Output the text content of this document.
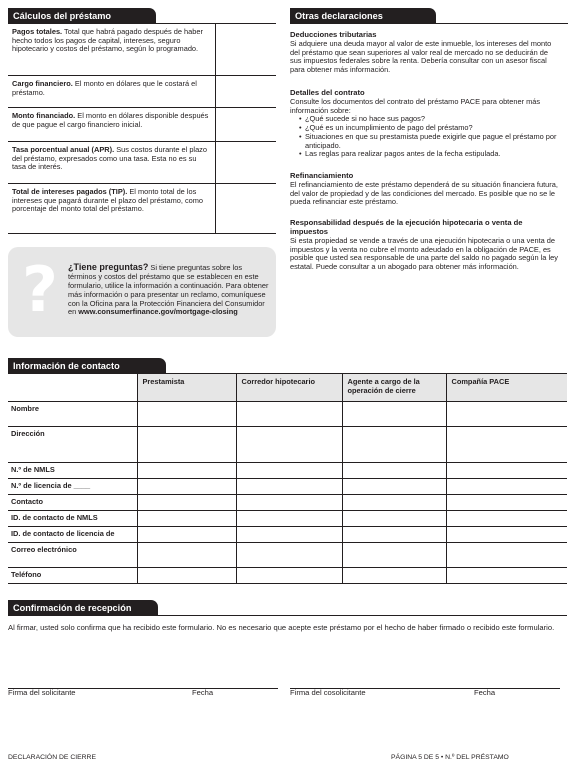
Cálculos del préstamo
Pagos totales. Total que habrá pagado después de haber hecho todos los pagos de capital, intereses, seguro hipotecario y costos del préstamo, según lo programado.
Cargo financiero. El monto en dólares que le costará el préstamo.
Monto financiado. El monto en dólares disponible después de que pague el cargo financiero inicial.
Tasa porcentual anual (APR). Sus costos durante el plazo del préstamo, expresados como una tasa. Esta no es su tasa de interés.
Total de intereses pagados (TIP). El monto total de los intereses que pagará durante el plazo del préstamo, como porcentaje del monto total del préstamo.
? ¿Tiene preguntas? Si tiene preguntas sobre los términos y costos del préstamo que se establecen en este formulario, utilice la información a continuación. Para obtener más información o para presentar un reclamo, comuníquese con la Oficina para la Protección Financiera del Consumidor en www.consumerfinance.gov/mortgage-closing
Otras declaraciones
Deducciones tributarias

Si adquiere una deuda mayor al valor de este inmueble, los intereses del monto del préstamo que sean superiores al valor real de mercado no se deducirán de sus impuestos federales sobre la renta. Debería consultar con un asesor fiscal para obtener más información.

Detalles del contrato

Consulte los documentos del contrato del préstamo PACE para obtener más información sobre:

• ¿Qué sucede si no hace sus pagos?
• ¿Qué es un incumplimiento de pago del préstamo?
• Situaciones en que su prestamista puede exigirle que pague el préstamo por anticipado.
• Las reglas para realizar pagos antes de la fecha estipulada.
Refinanciamiento

El refinanciamiento de este préstamo dependerá de su situación financiera futura, del valor de propiedad y de las condiciones del mercado. Es posible que no se le pueda refinanciar este préstamo.

Responsabilidad después de la ejecución hipotecaria o venta de impuestos

Si esta propiedad se vende a través de una ejecución hipotecaria o una venta de impuestos y la venta no cubre el monto adeudado en la obligación de PACE, es posible que usted sea responsable de una parte del saldo no pagado según la ley estatal. Puede consultar a un abogado para obtener más información.

Información de contacto
	Prestamista	Corredor hipotecario	Agente a cargo de la operación de cierre	Compañía PACE
Nombre				
Dirección				
N.º de NMLS				
N.º de licencia de ____				
Contacto				
ID. de contacto de NMLS				
ID. de contacto de licencia de				
Correo electrónico				
Teléfono				
Confirmación de recepción

Al firmar, usted solo confirma que ha recibido este formulario. No es necesario que acepte este préstamo por el hecho de haber firmado o recibido este formulario.

Firma del solicitante	Fecha	Firma del cosolicitante	Fecha
DECLARACIÓN DE CIERRE	PÁGINA 5 DE 5 • N.º DEL PRÉSTAMO
